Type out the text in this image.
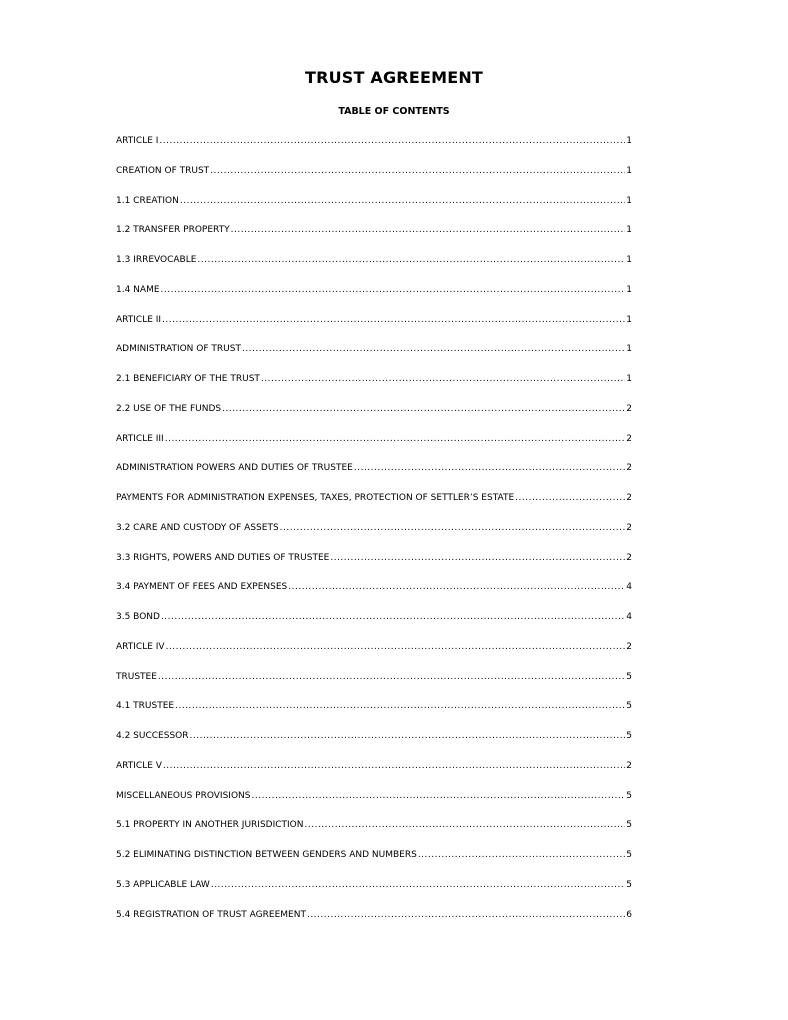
TRUST AGREEMENT
TABLE OF CONTENTS
ARTICLE I .....	1
CREATION OF TRUST .....	1
1.1 CREATION .....	1
1.2 TRANSFER PROPERTY .....	1
1.3 IRREVOCABLE .....	1
1.4 NAME .....	1
ARTICLE II .....	1
ADMINISTRATION OF TRUST .....	1
2.1 BENEFICIARY OF THE TRUST .....	1
2.2 USE OF THE FUNDS .....	2
ARTICLE III .....	2
ADMINISTRATION POWERS AND DUTIES OF TRUSTEE .....	2
PAYMENTS FOR ADMINISTRATION EXPENSES, TAXES, PROTECTION OF SETTLER’S ESTATE .....	2
3.2 CARE AND CUSTODY OF ASSETS .....	2
3.3 RIGHTS, POWERS AND DUTIES OF TRUSTEE .....	2
3.4 PAYMENT OF FEES AND EXPENSES .....	4
3.5 BOND .....	4
ARTICLE IV .....	2
TRUSTEE .....	5
4.1 TRUSTEE .....	5
4.2 SUCCESSOR .....	5
ARTICLE V .....	2
MISCELLANEOUS PROVISIONS .....	5
5.1 PROPERTY IN ANOTHER JURISDICTION .....	5
5.2 ELIMINATING DISTINCTION BETWEEN GENDERS AND NUMBERS .....	5
5.3 APPLICABLE LAW .....	5
5.4 REGISTRATION OF TRUST AGREEMENT .....	6
